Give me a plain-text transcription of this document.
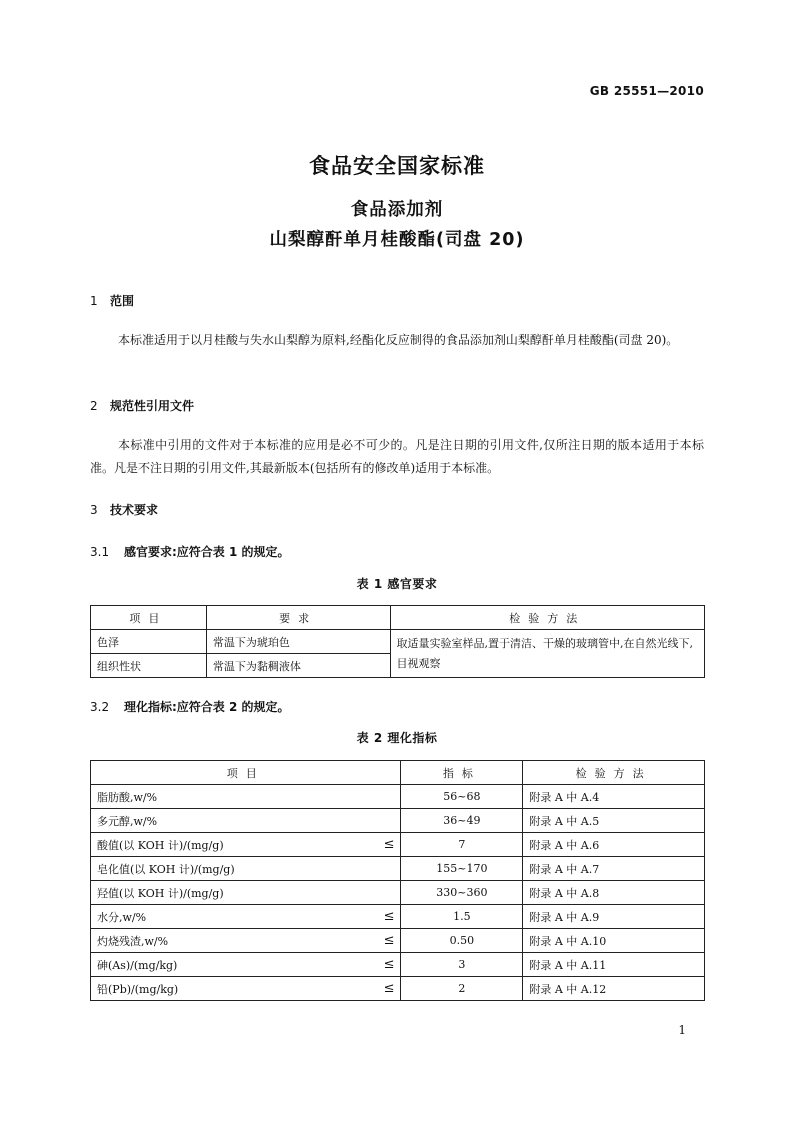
GB 25551—2010
食品安全国家标准
食品添加剂
山梨醇酐单月桂酸酯(司盘 20)
1 范围
本标准适用于以月桂酸与失水山梨醇为原料,经酯化反应制得的食品添加剂山梨醇酐单月桂酸酯(司盘 20)。
2 规范性引用文件
本标准中引用的文件对于本标准的应用是必不可少的。凡是注日期的引用文件,仅所注日期的版本适用于本标准。凡是不注日期的引用文件,其最新版本(包括所有的修改单)适用于本标准。
3 技术要求
3.1 感官要求:应符合表 1 的规定。
表 1 感官要求
项目	要求	检验方法
色泽	常温下为琥珀色	取适量实验室样品,置于清洁、干燥的玻璃管中,在自然光线下,目视观察
组织性状	常温下为黏稠液体	
3.2 理化指标:应符合表 2 的规定。
表 2 理化指标
项目	指标	检验方法
脂肪酸,w/%	56~68	附录 A 中 A.4
多元醇,w/%	36~49	附录 A 中 A.5
酸值(以 KOH 计)/(mg/g) ≤	7	附录 A 中 A.6
皂化值(以 KOH 计)/(mg/g)	155~170	附录 A 中 A.7
羟值(以 KOH 计)/(mg/g)	330~360	附录 A 中 A.8
水分,w/% ≤	1.5	附录 A 中 A.9
灼烧残渣,w/% ≤	0.50	附录 A 中 A.10
砷(As)/(mg/kg) ≤	3	附录 A 中 A.11
铅(Pb)/(mg/kg) ≤	2	附录 A 中 A.12
1
